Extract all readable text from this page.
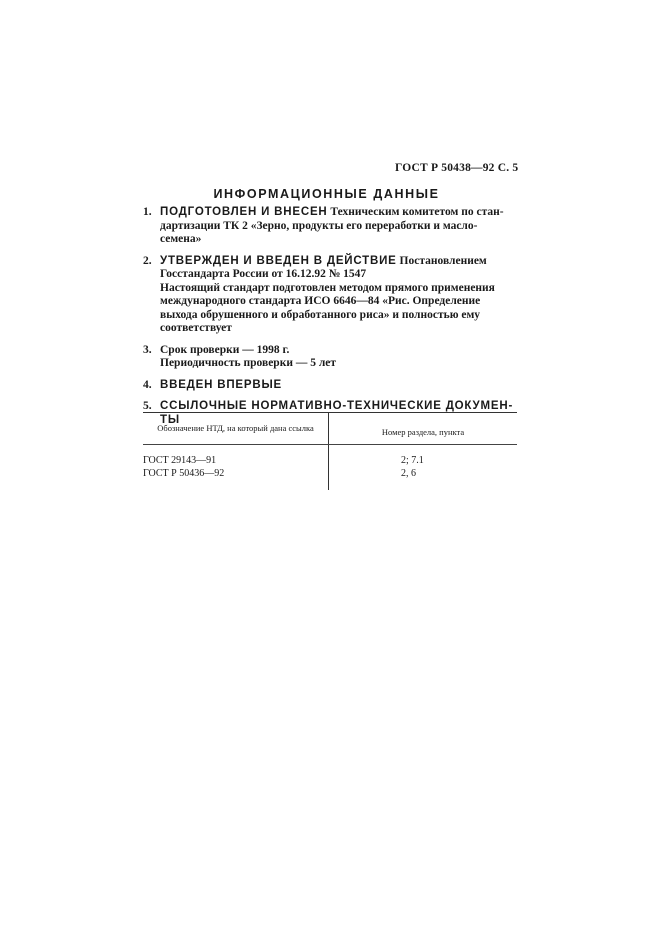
ГОСТ Р 50438—92 С. 5
ИНФОРМАЦИОННЫЕ ДАННЫЕ
1. ПОДГОТОВЛЕН И ВНЕСЕН Техническим комитетом по стан-
дартизации ТК 2 «Зерно, продукты его переработки и масло-
семена»
2. УТВЕРЖДЕН И ВВЕДЕН В ДЕЙСТВИЕ Постановлением
Госстандарта России от 16.12.92 № 1547
Настоящий стандарт подготовлен методом прямого применения
международного стандарта ИСО 6646—84 «Рис. Определение
выхода обрушенного и обработанного риса» и полностью ему
соответствует
3. Срок проверки — 1998 г.
Периодичность проверки — 5 лет
4. ВВЕДЕН ВПЕРВЫЕ
5. ССЫЛОЧНЫЕ НОРМАТИВНО-ТЕХНИЧЕСКИЕ ДОКУМЕН-
ТЫ
Обозначение НТД, на который дана ссылка	Номер раздела, пункта
ГОСТ 29143—91
ГОСТ Р 50436—92
2; 7.1
2, 6
